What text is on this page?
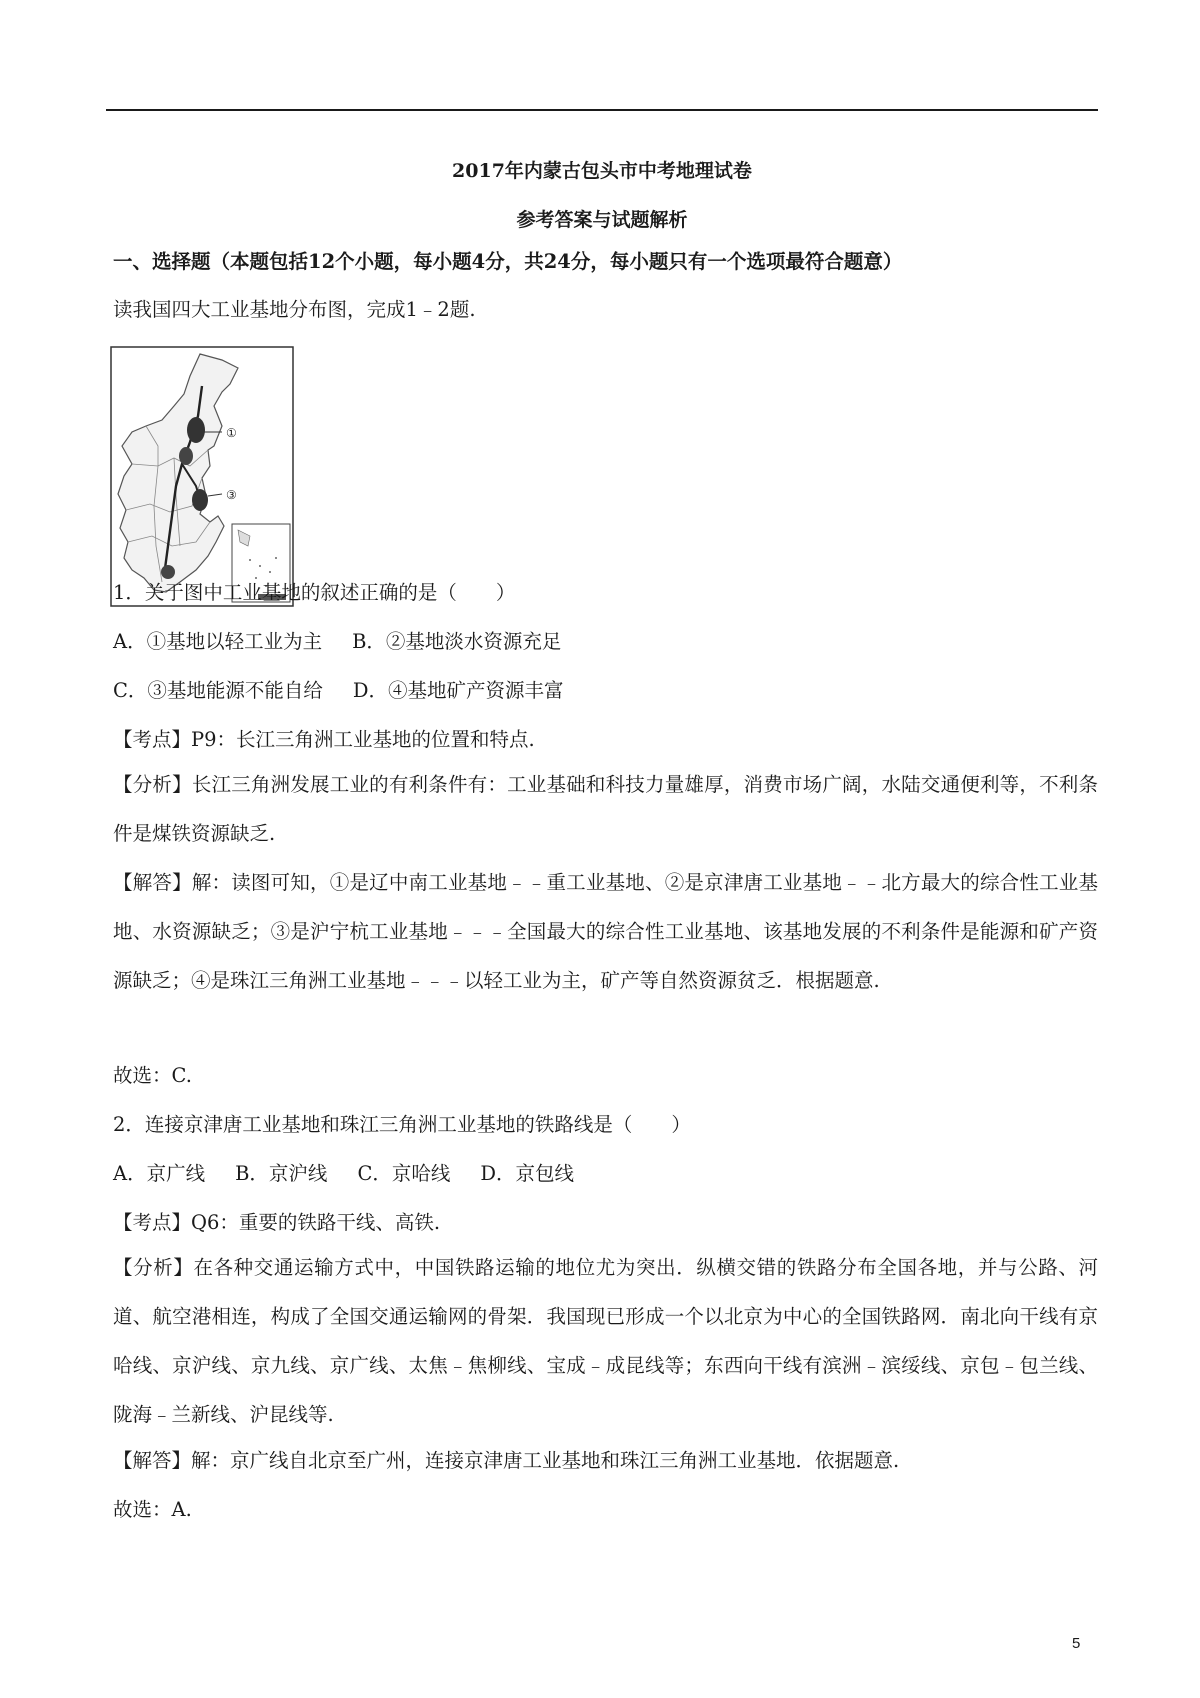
2017年内蒙古包头市中考地理试卷
参考答案与试题解析
一、选择题（本题包括12个小题，每小题4分，共24分，每小题只有一个选项最符合题意）
读我国四大工业基地分布图，完成1﹣2题.
①
③
1．关于图中工业基地的叙述正确的是（　　）
A．①基地以轻工业为主 B．②基地淡水资源充足
C．③基地能源不能自给 D．④基地矿产资源丰富
【考点】P9：长江三角洲工业基地的位置和特点.
【分析】长江三角洲发展工业的有利条件有：工业基础和科技力量雄厚，消费市场广阔，水陆交通便利等，不利条件是煤铁资源缺乏.
【解答】解：读图可知，①是辽中南工业基地﹣﹣重工业基地、②是京津唐工业基地﹣﹣北方最大的综合性工业基地、水资源缺乏；③是沪宁杭工业基地﹣﹣﹣全国最大的综合性工业基地、该基地发展的不利条件是能源和矿产资源缺乏；④是珠江三角洲工业基地﹣﹣﹣以轻工业为主，矿产等自然资源贫乏．根据题意.
故选：C.
2．连接京津唐工业基地和珠江三角洲工业基地的铁路线是（　　）
A．京广线 B．京沪线 C．京哈线 D．京包线
【考点】Q6：重要的铁路干线、高铁.
【分析】在各种交通运输方式中，中国铁路运输的地位尤为突出．纵横交错的铁路分布全国各地，并与公路、河道、航空港相连，构成了全国交通运输网的骨架．我国现已形成一个以北京为中心的全国铁路网．南北向干线有京哈线、京沪线、京九线、京广线、太焦﹣焦柳线、宝成﹣成昆线等；东西向干线有滨洲﹣滨绥线、京包﹣包兰线、陇海﹣兰新线、沪昆线等.
【解答】解：京广线自北京至广州，连接京津唐工业基地和珠江三角洲工业基地．依据题意.
故选：A.
5
